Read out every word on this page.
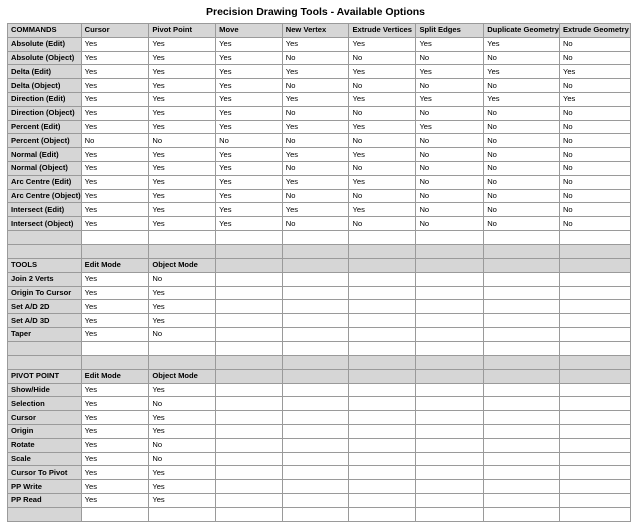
Precision Drawing Tools - Available Options
COMMANDS	Cursor	Pivot Point	Move	New Vertex	Extrude Vertices	Split Edges	Duplicate Geometry	Extrude Geometry
Absolute (Edit)	Yes	Yes	Yes	Yes	Yes	Yes	Yes	No
Absolute (Object)	Yes	Yes	Yes	No	No	No	No	No
Delta (Edit)	Yes	Yes	Yes	Yes	Yes	Yes	Yes	Yes
Delta (Object)	Yes	Yes	Yes	No	No	No	No	No
Direction (Edit)	Yes	Yes	Yes	Yes	Yes	Yes	Yes	Yes
Direction (Object)	Yes	Yes	Yes	No	No	No	No	No
Percent (Edit)	Yes	Yes	Yes	Yes	Yes	Yes	No	No
Percent (Object)	No	No	No	No	No	No	No	No
Normal (Edit)	Yes	Yes	Yes	Yes	Yes	No	No	No
Normal (Object)	Yes	Yes	Yes	No	No	No	No	No
Arc Centre (Edit)	Yes	Yes	Yes	Yes	Yes	No	No	No
Arc Centre (Object)	Yes	Yes	Yes	No	No	No	No	No
Intersect (Edit)	Yes	Yes	Yes	Yes	Yes	No	No	No
Intersect (Object)	Yes	Yes	Yes	No	No	No	No	No

TOOLS	Edit Mode	Object Mode						
Join 2 Verts	Yes	No						
Origin To Cursor	Yes	Yes						
Set A/D 2D	Yes	Yes						
Set A/D 3D	Yes	Yes						
Taper	Yes	No						

PIVOT POINT	Edit Mode	Object Mode						
Show/Hide	Yes	Yes						
Selection	Yes	No						
Cursor	Yes	Yes						
Origin	Yes	Yes						
Rotate	Yes	No						
Scale	Yes	No						
Cursor To Pivot	Yes	Yes						
PP Write	Yes	Yes						
PP Read	Yes	Yes						
